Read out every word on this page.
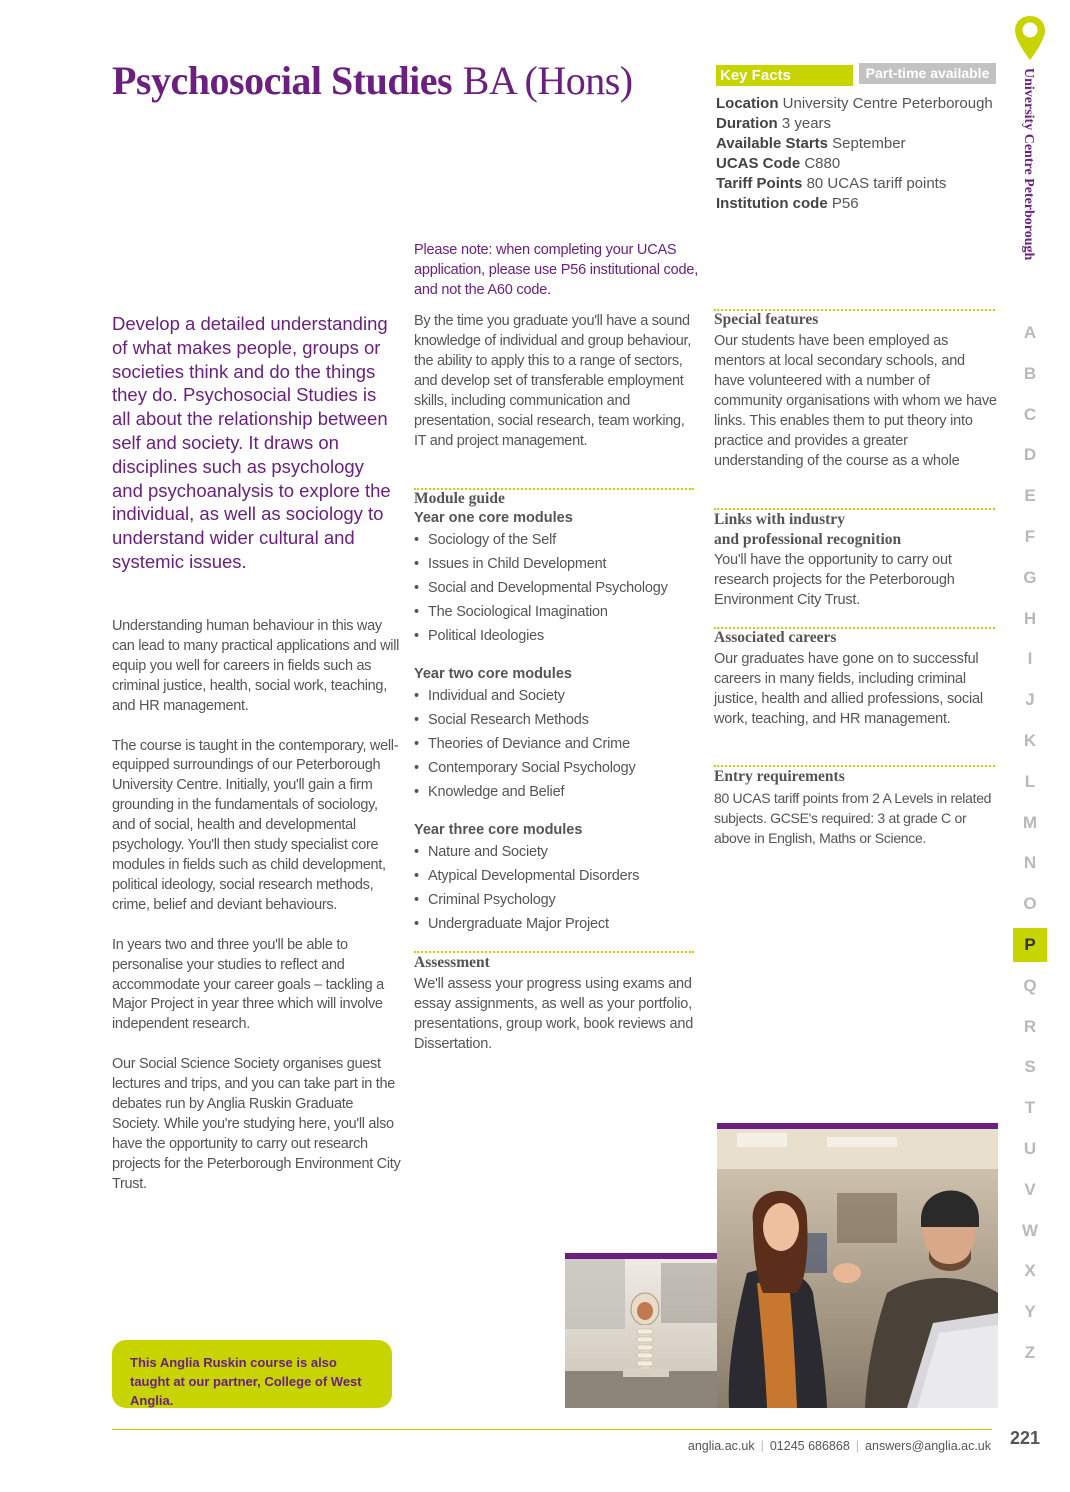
Psychosocial Studies BA (Hons)	Key Facts	Part-time available
Location University Centre Peterborough
Duration 3 years
Available Starts September
UCAS Code C880
Tariff Points 80 UCAS tariff points
Institution code P56	University Centre Peterborough
A
B
C
D
E
F
G
H
I
J
K
L
M
N
O
P
Q
R
S
T
U
V
W
X
Y
Z
Develop a detailed understanding of what makes people, groups or societies think and do the things they do. Psychosocial Studies is all about the relationship between self and society. It draws on disciplines such as psychology and psychoanalysis to explore the individual, as well as sociology to understand wider cultural and systemic issues.

Understanding human behaviour in this way can lead to many practical applications and will equip you well for careers in fields such as criminal justice, health, social work, teaching, and HR management.

The course is taught in the contemporary, well-equipped surroundings of our Peterborough University Centre. Initially, you'll gain a firm grounding in the fundamentals of sociology, and of social, health and developmental psychology. You'll then study specialist core modules in fields such as child development, political ideology, social research methods, crime, belief and deviant behaviours.

In years two and three you'll be able to personalise your studies to reflect and accommodate your career goals – tackling a Major Project in year three which will involve independent research.

Our Social Science Society organises guest lectures and trips, and you can take part in the debates run by Anglia Ruskin Graduate Society. While you're studying here, you'll also have the opportunity to carry out research projects for the Peterborough Environment City Trust.

Please note: when completing your UCAS application, please use P56 institutional code, and not the A60 code.
By the time you graduate you'll have a sound knowledge of individual and group behaviour, the ability to apply this to a range of sectors, and develop set of transferable employment skills, including communication and presentation, social research, team working, IT and project management.
Module guide
Year one core modules
• Sociology of the Self
• Issues in Child Development
• Social and Developmental Psychology
• The Sociological Imagination
• Political Ideologies
Year two core modules
• Individual and Society
• Social Research Methods
• Theories of Deviance and Crime
• Contemporary Social Psychology
• Knowledge and Belief
Year three core modules
• Nature and Society
• Atypical Developmental Disorders
• Criminal Psychology
• Undergraduate Major Project
Assessment
We'll assess your progress using exams and essay assignments, as well as your portfolio, presentations, group work, book reviews and Dissertation.
Special features
Our students have been employed as mentors at local secondary schools, and have volunteered with a number of community organisations with whom we have links. This enables them to put theory into practice and provides a greater understanding of the course as a whole
Links with industry
and professional recognition
You'll have the opportunity to carry out research projects for the Peterborough Environment City Trust.
Associated careers
Our graduates have gone on to successful careers in many fields, including criminal justice, health and allied professions, social work, teaching, and HR management.
Entry requirements
80 UCAS tariff points from 2 A Levels in related subjects. GCSE's required: 3 at grade C or above in English, Maths or Science.
This Anglia Ruskin course is also taught at our partner, College of West Anglia.
anglia.ac.uk | 01245 686868 | answers@anglia.ac.uk 221
